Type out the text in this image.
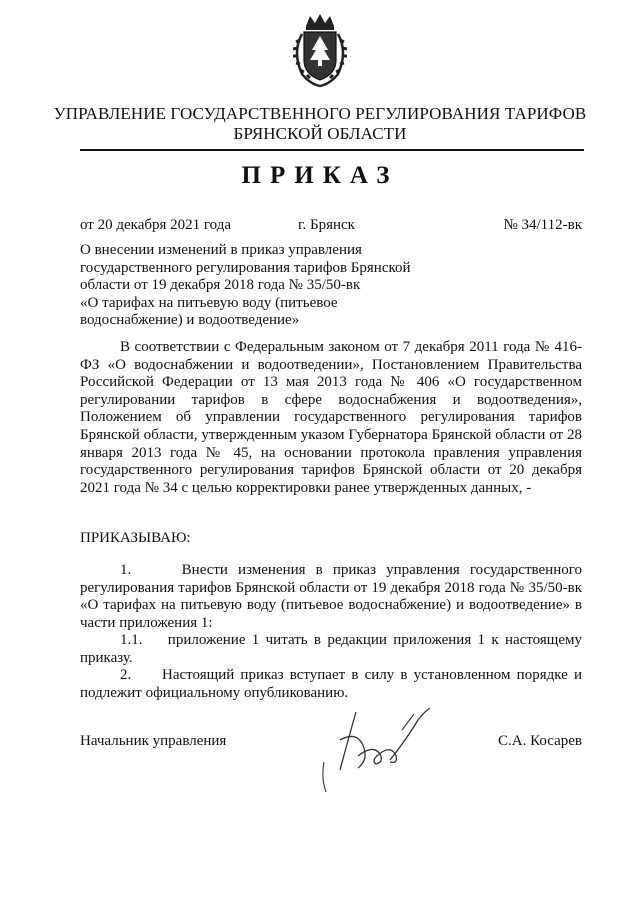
УПРАВЛЕНИЕ ГОСУДАРСТВЕННОГО РЕГУЛИРОВАНИЯ ТАРИФОВ
БРЯНСКОЙ ОБЛАСТИ
ПРИКАЗ
от 20 декабря 2021 года	г. Брянск	№ 34/112-вк
О внесении изменений в приказ управления
государственного регулирования тарифов Брянской
области от 19 декабря 2018 года № 35/50-вк
«О тарифах на питьевую воду (питьевое
водоснабжение) и водоотведение»
В соответствии с Федеральным законом от 7 декабря 2011 года № 416-ФЗ «О водоснабжении и водоотведении», Постановлением Правительства Российской Федерации от 13 мая 2013 года № 406 «О государственном регулировании тарифов в сфере водоснабжения и водоотведения», Положением об управлении государственного регулирования тарифов Брянской области, утвержденным указом Губернатора Брянской области от 28 января 2013 года № 45, на основании протокола правления управления государственного регулирования тарифов Брянской области от 20 декабря 2021 года № 34 с целью корректировки ранее утвержденных данных, -
ПРИКАЗЫВАЮ:
1.     Внести изменения в приказ управления государственного регулирования тарифов Брянской области от 19 декабря 2018 года № 35/50-вк «О тарифах на питьевую воду (питьевое водоснабжение) и водоотведение» в части приложения 1:
1.1.    приложение 1 читать в редакции приложения 1 к настоящему приказу.
2.     Настоящий приказ вступает в силу в установленном порядке и подлежит официальному опубликованию.
Начальник управления	С.А. Косарев
